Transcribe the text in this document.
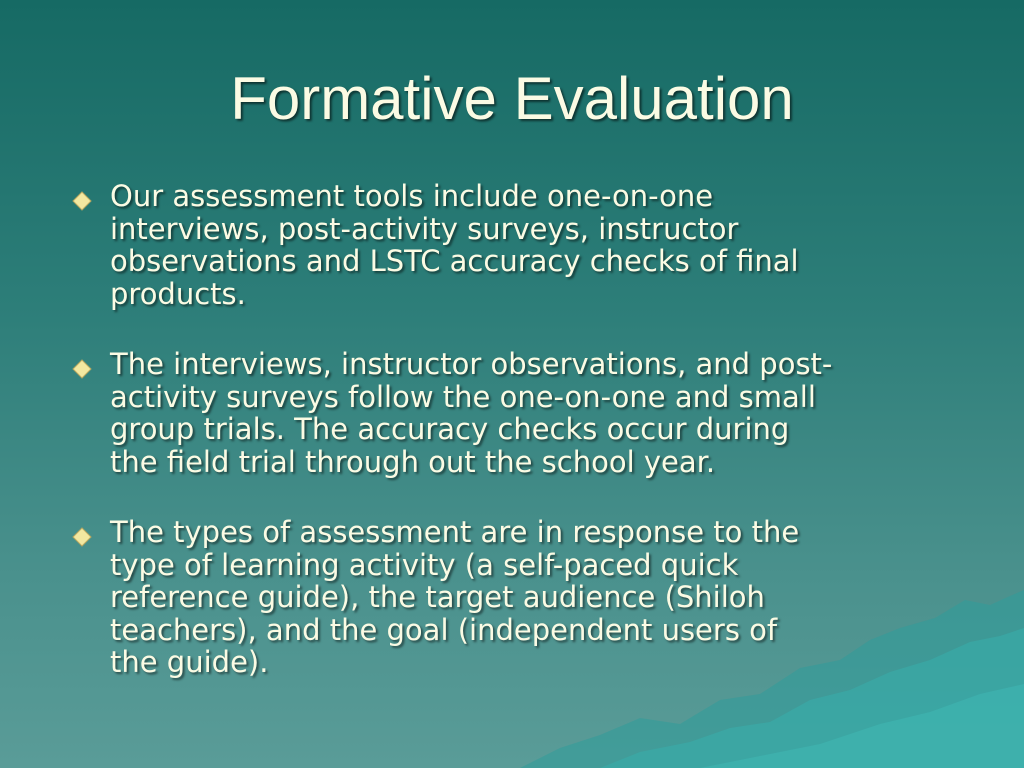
Formative Evaluation
Our assessment tools include one-on-one
interviews, post-activity surveys, instructor
observations and LSTC accuracy checks of final
products.
The interviews, instructor observations, and post-
activity surveys follow the one-on-one and small
group trials. The accuracy checks occur during
the field trial through out the school year.
The types of assessment are in response to the
type of learning activity (a self-paced quick
reference guide), the target audience (Shiloh
teachers), and the goal (independent users of
the guide).
